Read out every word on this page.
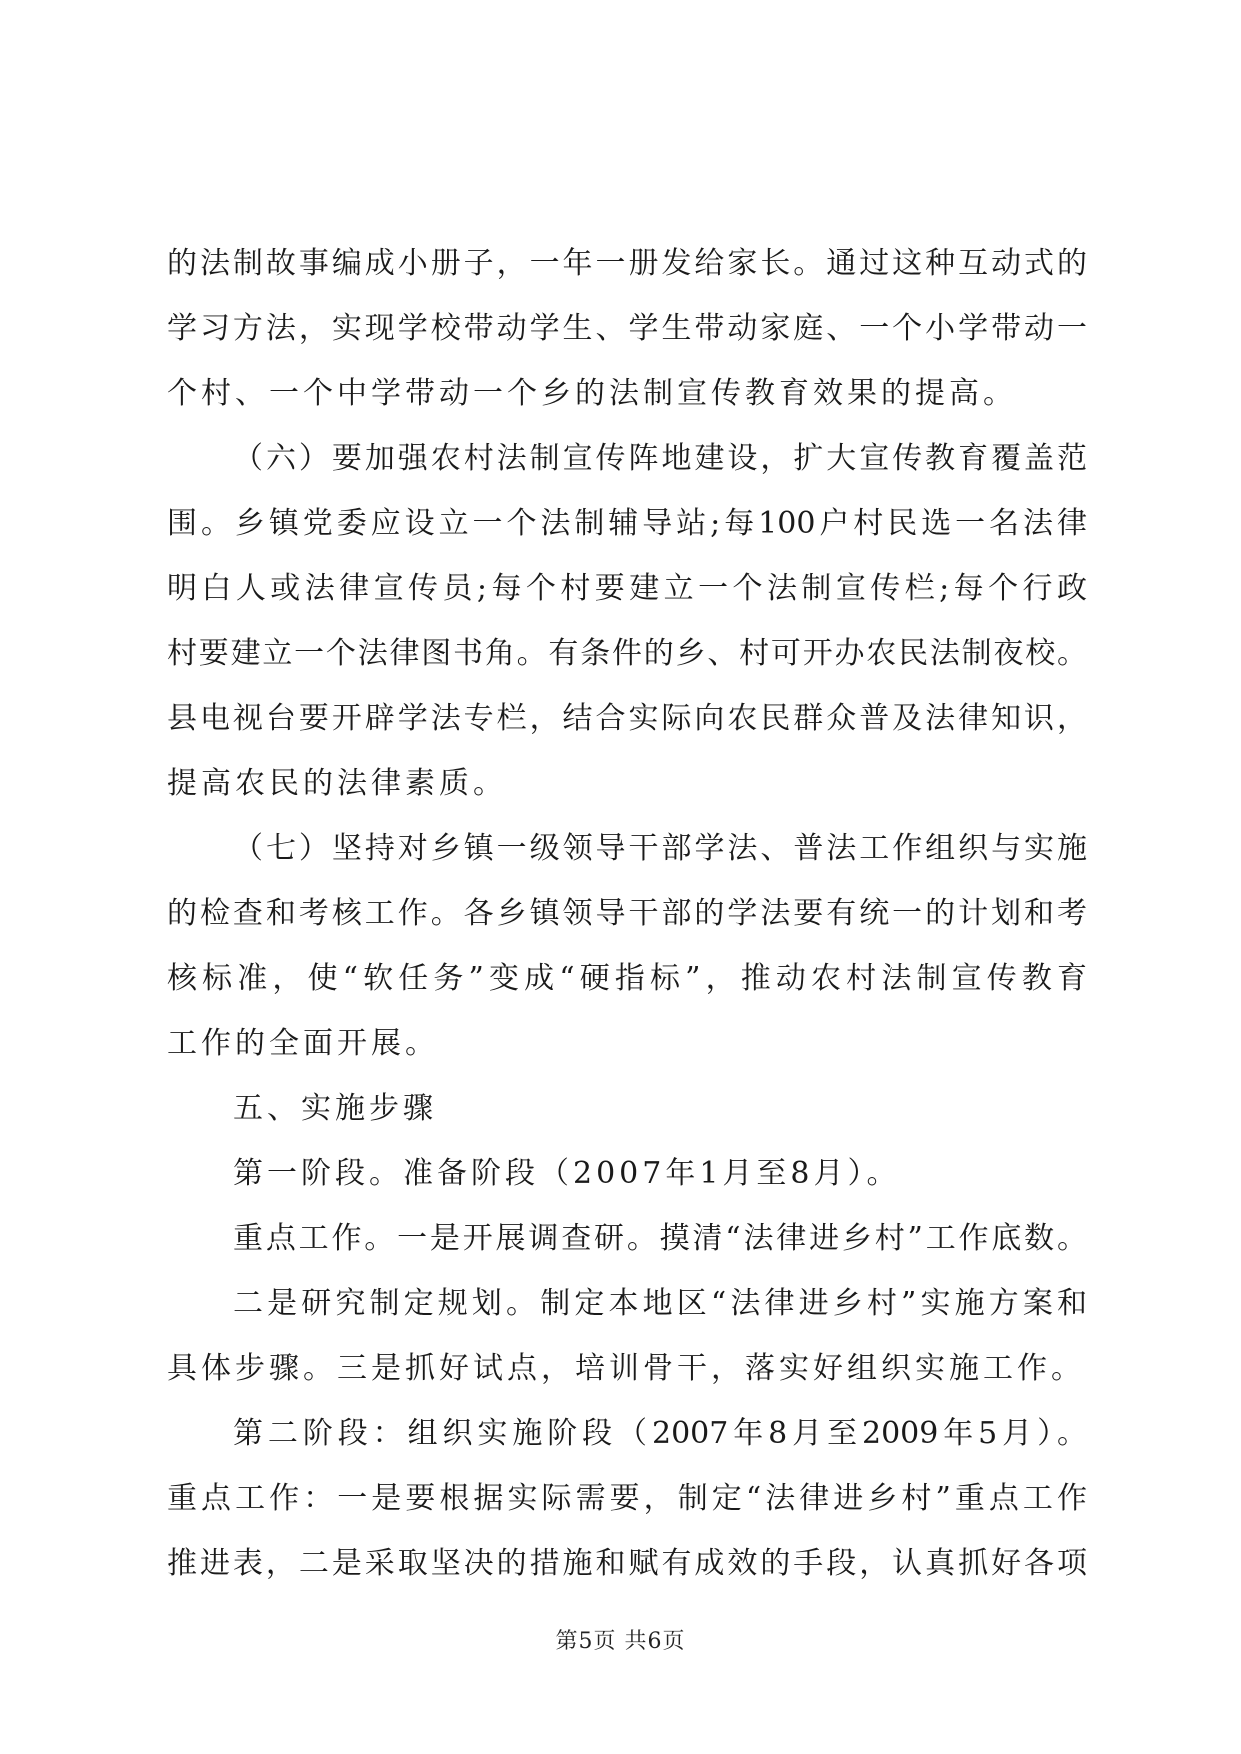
的法制故事编成小册子，一年一册发给家长。通过这种互动式的
学习方法，实现学校带动学生、学生带动家庭、一个小学带动一
个村、一个中学带动一个乡的法制宣传教育效果的提高。
（六）要加强农村法制宣传阵地建设，扩大宣传教育覆盖范
围。乡镇党委应设立一个法制辅导站;每100户村民选一名法律
明白人或法律宣传员;每个村要建立一个法制宣传栏;每个行政
村要建立一个法律图书角。有条件的乡、村可开办农民法制夜校。
县电视台要开辟学法专栏，结合实际向农民群众普及法律知识，
提高农民的法律素质。
（七）坚持对乡镇一级领导干部学法、普法工作组织与实施
的检查和考核工作。各乡镇领导干部的学法要有统一的计划和考
核标准，使“软任务”变成“硬指标”，推动农村法制宣传教育
工作的全面开展。
五、实施步骤
第一阶段。准备阶段（2007年1月至8月）。
重点工作。一是开展调查研。摸清“法律进乡村”工作底数。
二是研究制定规划。制定本地区“法律进乡村”实施方案和
具体步骤。三是抓好试点，培训骨干，落实好组织实施工作。
第二阶段：组织实施阶段（2007年8月至2009年5月）。
重点工作：一是要根据实际需要，制定“法律进乡村”重点工作
推进表，二是采取坚决的措施和赋有成效的手段，认真抓好各项
第5页 共6页
